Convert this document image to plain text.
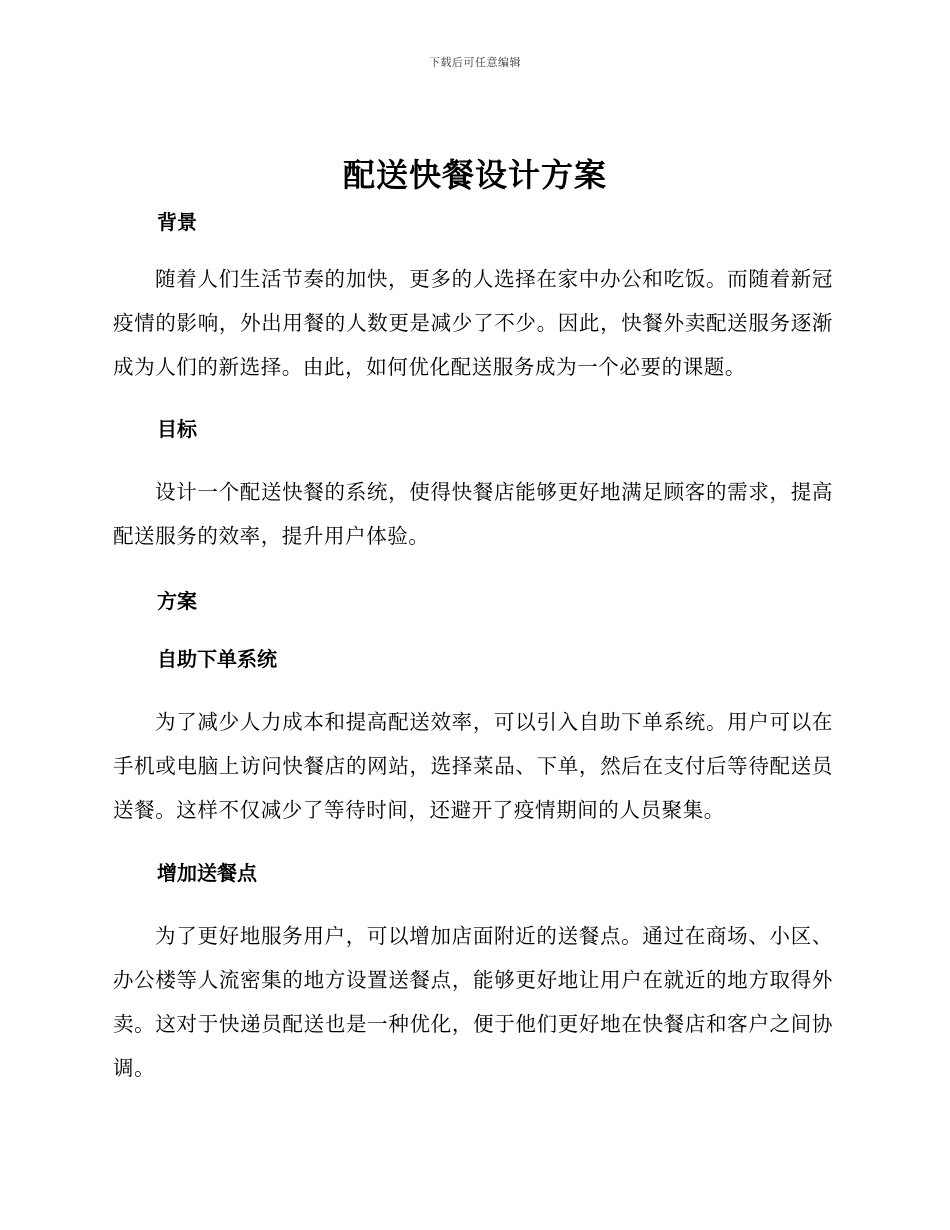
下载后可任意编辑
配送快餐设计方案
背景

随着人们生活节奏的加快，更多的人选择在家中办公和吃饭。而随着新冠疫情的影响，外出用餐的人数更是减少了不少。因此，快餐外卖配送服务逐渐成为人们的新选择。由此，如何优化配送服务成为一个必要的课题。

目标

设计一个配送快餐的系统，使得快餐店能够更好地满足顾客的需求，提高配送服务的效率，提升用户体验。

方案
自助下单系统

为了减少人力成本和提高配送效率，可以引入自助下单系统。用户可以在手机或电脑上访问快餐店的网站，选择菜品、下单，然后在支付后等待配送员送餐。这样不仅减少了等待时间，还避开了疫情期间的人员聚集。

增加送餐点

为了更好地服务用户，可以增加店面附近的送餐点。通过在商场、小区、办公楼等人流密集的地方设置送餐点，能够更好地让用户在就近的地方取得外卖。这对于快递员配送也是一种优化，便于他们更好地在快餐店和客户之间协调。
